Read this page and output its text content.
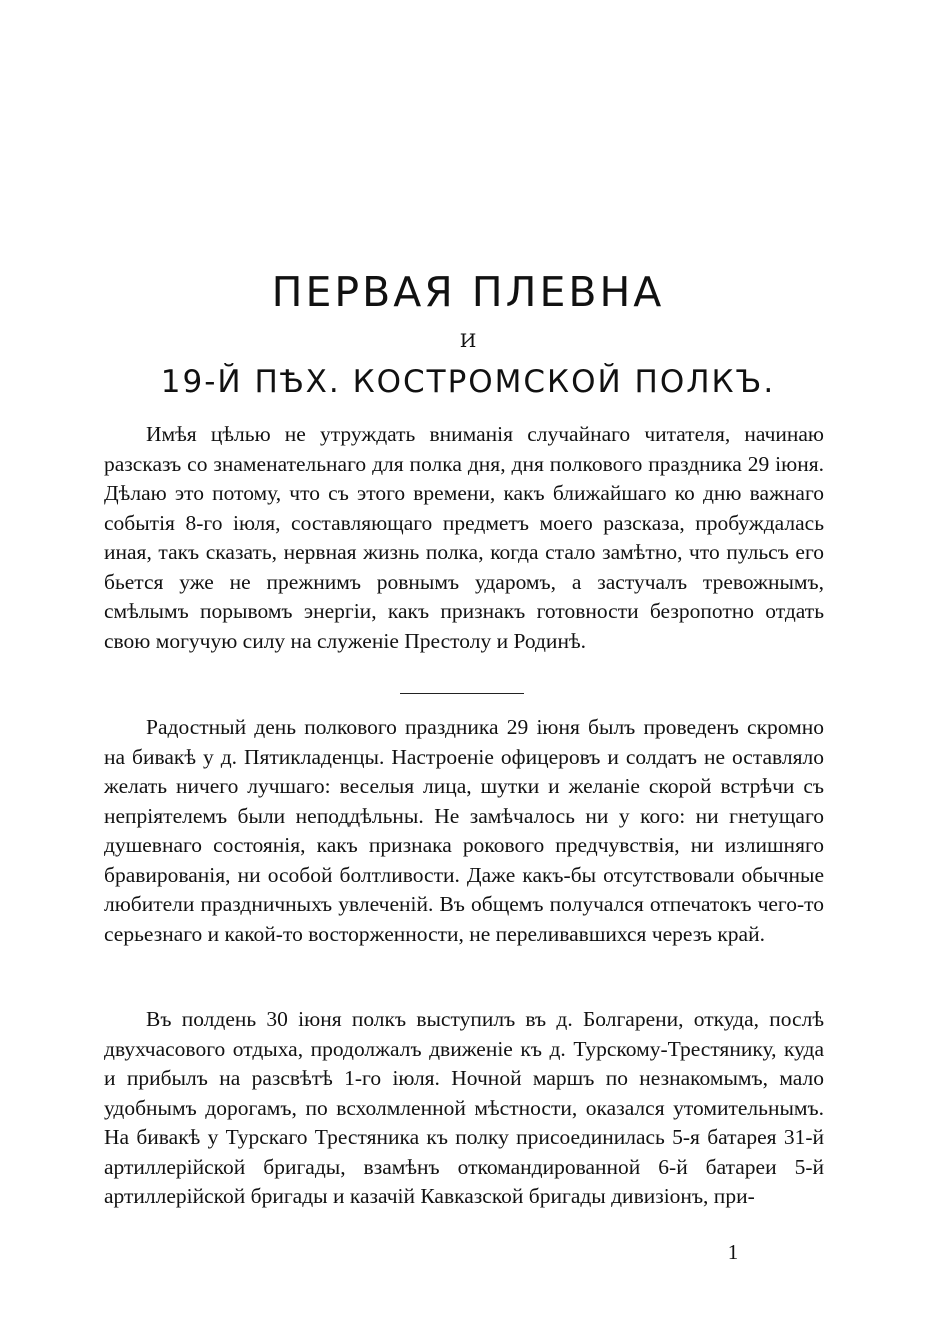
ПЕРВАЯ ПЛЕВНА
И
19-Й ПѢХ. КОСТРОМСКОЙ ПОЛКЪ.

Имѣя цѣлью не утруждать вниманія случайнаго читателя, начинаю разсказъ со знаменательнаго для полка дня, дня полкового праздника 29 іюня. Дѣлаю это потому, что съ этого времени, какъ ближайшаго ко дню важнаго событія 8-го іюля, составляющаго предметъ моего разсказа, пробуждалась иная, такъ сказать, нервная жизнь полка, когда стало замѣтно, что пульсъ его бьется уже не прежнимъ ровнымъ ударомъ, а застучалъ тревожнымъ, смѣлымъ порывомъ энергіи, какъ признакъ готовности безропотно отдать свою могучую силу на служеніе Престолу и Родинѣ.

Радостный день полкового праздника 29 іюня былъ проведенъ скромно на бивакѣ у д. Пятикладенцы. Настроеніе офицеровъ и солдатъ не оставляло желать ничего лучшаго: веселыя лица, шутки и желаніе скорой встрѣчи съ непріятелемъ были неподдѣльны. Не замѣчалось ни у кого: ни гнетущаго душевнаго состоянія, какъ признака рокового предчувствія, ни излишняго бравированія, ни особой болтливости. Даже какъ-бы отсутствовали обычные любители праздничныхъ увлеченій. Въ общемъ получался отпечатокъ чего-то серьезнаго и какой-то восторженности, не переливавшихся черезъ край.

Въ полдень 30 іюня полкъ выступилъ въ д. Болгарени, откуда, послѣ двухчасового отдыха, продолжалъ движеніе къ д. Турскому-Трестянику, куда и прибылъ на разсвѣтѣ 1-го іюля. Ночной маршъ по незнакомымъ, мало удобнымъ дорогамъ, по всхолмленной мѣстности, оказался утомительнымъ. На бивакѣ у Турскаго Трестяника къ полку присоединилась 5-я батарея 31-й артиллерійской бригады, взамѣнъ откомандированной 6-й батареи 5-й артиллерійской бригады и казачій Кавказской бригады дивизіонъ, при-

1
